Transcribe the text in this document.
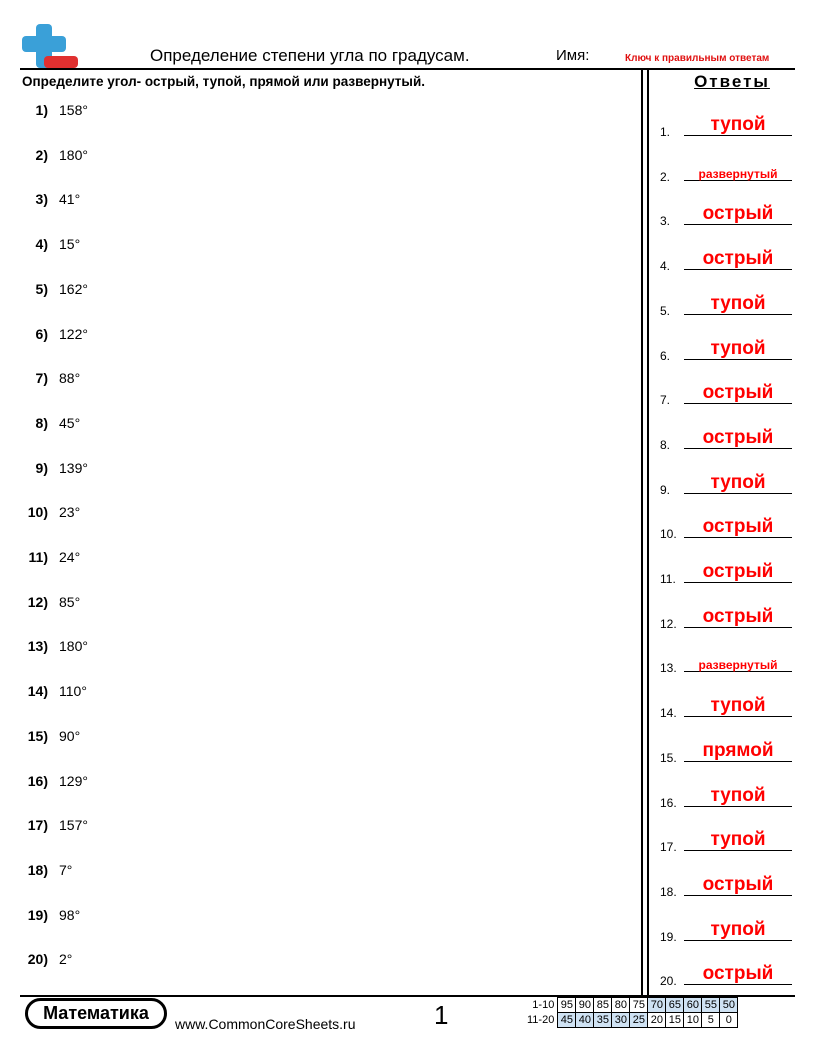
Определение степени угла по градусам.	Имя:	Ключ к правильным ответам
Определите угол- острый, тупой, прямой или развернутый.
1) 158°
2) 180°
3) 41°
4) 15°
5) 162°
6) 122°
7) 88°
8) 45°
9) 139°
10) 23°
11) 24°
12) 85°
13) 180°
14) 110°
15) 90°
16) 129°
17) 157°
18) 7°
19) 98°
20) 2°
Ответы
1.	тупой
2.	развернутый
3.	острый
4.	острый
5.	тупой
6.	тупой
7.	острый
8.	острый
9.	тупой
10.	острый
11.	острый
12.	острый
13.	развернутый
14.	тупой
15.	прямой
16.	тупой
17.	тупой
18.	острый
19.	тупой
20.	острый
Математика
www.CommonCoreSheets.ru	1	1-10	95	90	85	80	75	70	65	60	55	50
11-20	45	40	35	30	25	20	15	10	5	0
